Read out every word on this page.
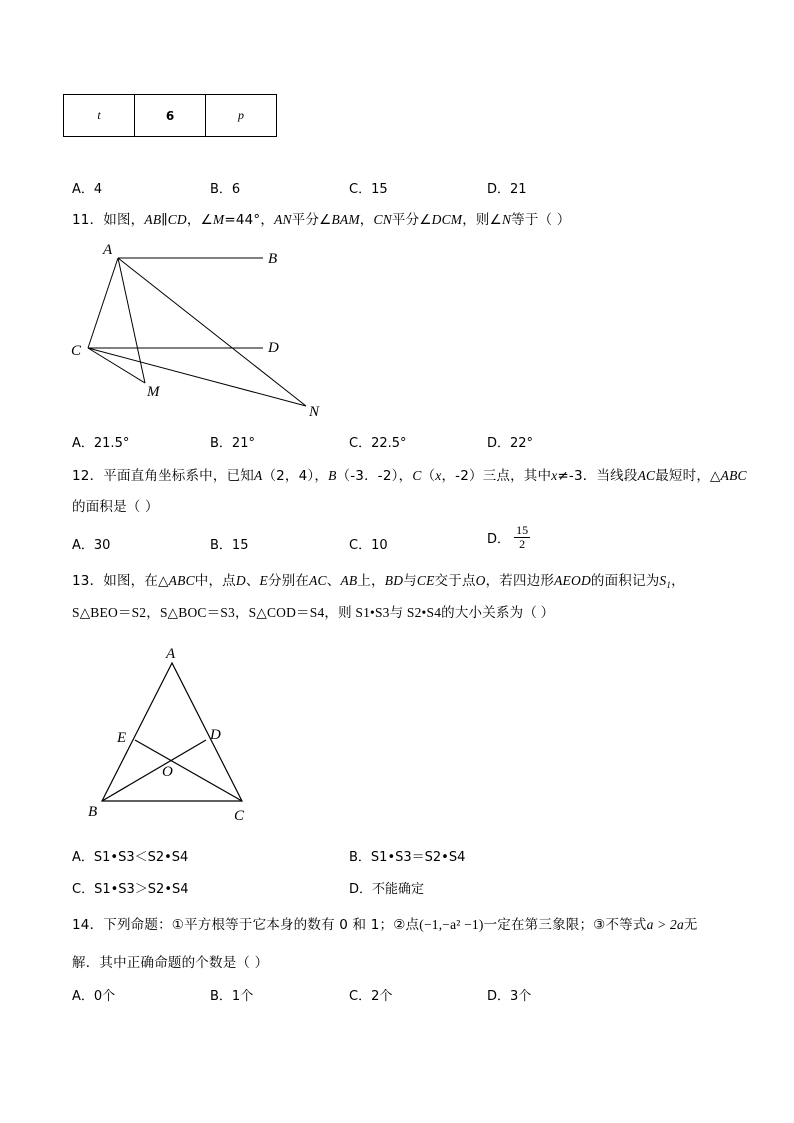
t	6	p
A．4	B．6	C．15	D．21
11．如图，AB∥CD，∠M=44°，AN平分∠BAM，CN平分∠DCM，则∠N等于（ ）
A
B
C	D
M
N
A
E	D
O
B	C
A．21.5°	B．21°	C．22.5°	D．22°
12．平面直角坐标系中，已知A（2，4），B（-3．-2），C（x，-2）三点，其中x≠-3．当线段AC最短时，△ABC
的面积是（ ）
A．30	B．15	C．10	D． $\frac{15}{2}$
13．如图，在△ABC中，点D、E分别在AC、AB上，BD与CE交于点O，若四边形AEOD的面积记为$S_1$，
S△BEO＝S2，S△BOC＝S3，S△COD＝S4，则 S1•S3与 S2•S4的大小关系为（ ）
A．S1•S3＜S2•S4	B．S1•S3＝S2•S4
C．S1•S3＞S2•S4	D．不能确定
14．下列命题：①平方根等于它本身的数有 0 和 1；②点(−1,−a² −1)一定在第三象限；③不等式a > 2a无
解．其中正确命题的个数是（ ）
A．0个	B．1个	C．2个	D．3个
